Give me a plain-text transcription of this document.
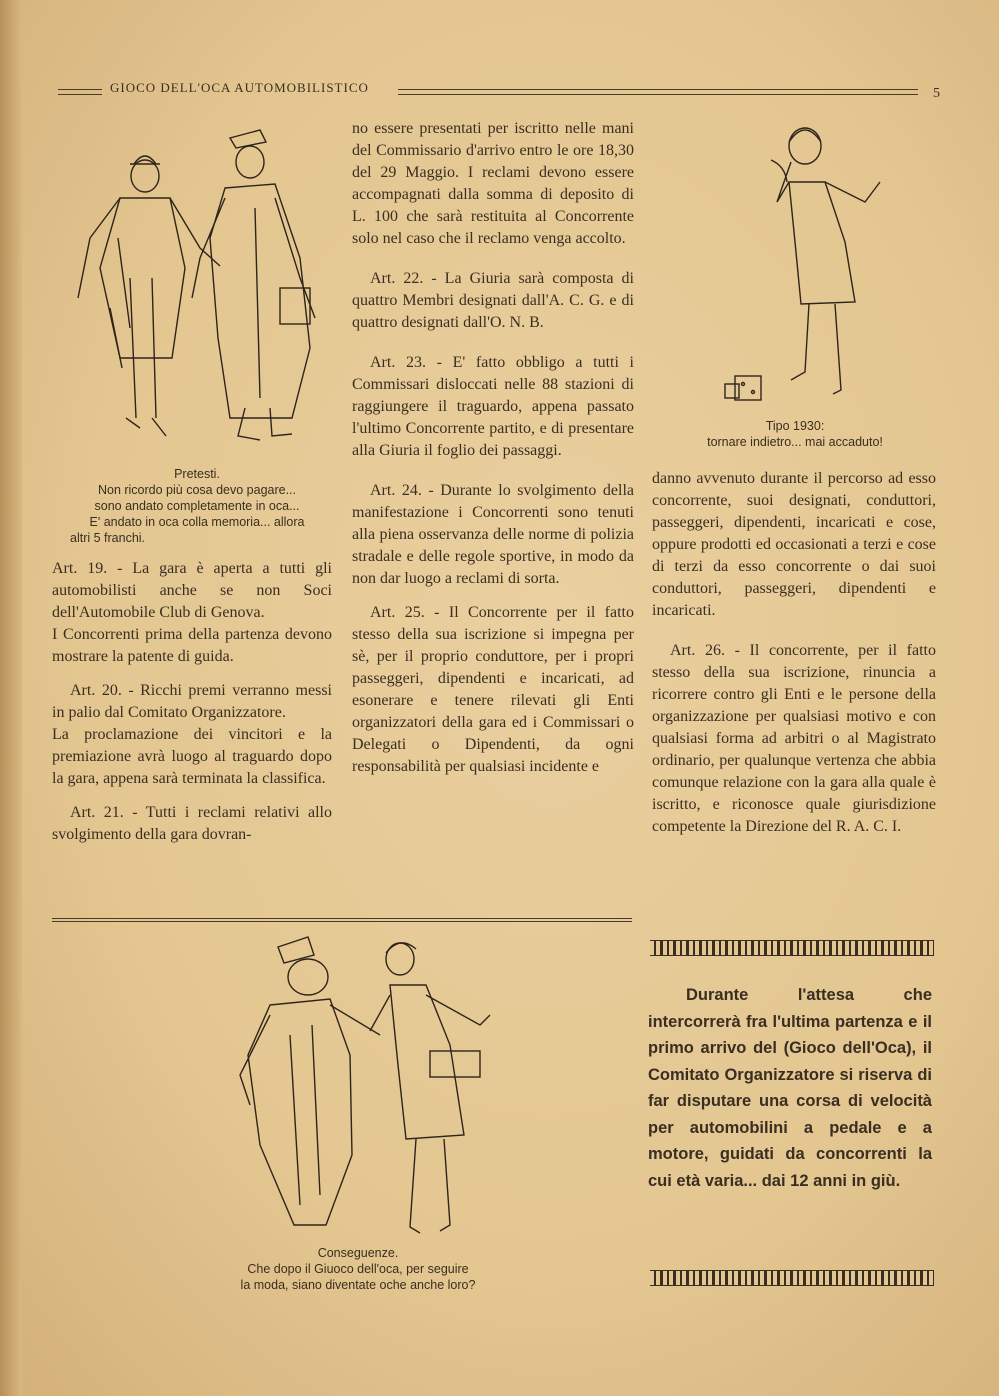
GIOCO DELL'OCA AUTOMOBILISTICO	5
Pretesti.
Non ricordo più cosa devo pagare...
sono andato completamente in oca...
E' andato in oca colla memoria... allora
altri 5 franchi.

Art. 19. - La gara è aperta a tutti gli automobilisti anche se non Soci dell'Automobile Club di Genova.

I Concorrenti prima della partenza devono mostrare la patente di guida.

Art. 20. - Ricchi premi verranno messi in palio dal Comitato Organizzatore.

La proclamazione dei vincitori e la premiazione avrà luogo al traguardo dopo la gara, appena sarà terminata la classifica.

Art. 21. - Tutti i reclami relativi allo svolgimento della gara dovran-

no essere presentati per iscritto nelle mani del Commissario d'arrivo entro le ore 18,30 del 29 Maggio. I reclami devono essere accompagnati dalla somma di deposito di L. 100 che sarà restituita al Concorrente solo nel caso che il reclamo venga accolto.

Art. 22. - La Giuria sarà composta di quattro Membri designati dall'A. C. G. e di quattro designati dall'O. N. B.

Art. 23. - E' fatto obbligo a tutti i Commissari disloccati nelle 88 stazioni di raggiungere il traguardo, appena passato l'ultimo Concorrente partito, e di presentare alla Giuria il foglio dei passaggi.

Art. 24. - Durante lo svolgimento della manifestazione i Concorrenti sono tenuti alla piena osservanza delle norme di polizia stradale e delle regole sportive, in modo da non dar luogo a reclami di sorta.

Art. 25. - Il Concorrente per il fatto stesso della sua iscrizione si impegna per sè, per il proprio conduttore, per i propri passeggeri, dipendenti e incaricati, ad esonerare e tenere rilevati gli Enti organizzatori della gara ed i Commissari o Delegati o Dipendenti, da ogni responsabilità per qualsiasi incidente e

Tipo 1930:
tornare indietro... mai accaduto!

danno avvenuto durante il percorso ad esso concorrente, suoi designati, conduttori, passeggeri, dipendenti, incaricati e cose, oppure prodotti ed occasionati a terzi e cose di terzi da esso concorrente o dai suoi conduttori, passeggeri, dipendenti e incaricati.

Art. 26. - Il concorrente, per il fatto stesso della sua iscrizione, rinuncia a ricorrere contro gli Enti e le persone della organizzazione per qualsiasi motivo e con qualsiasi forma ad arbitri o al Magistrato ordinario, per qualunque vertenza che abbia comunque relazione con la gara alla quale è iscritto, e riconosce quale giurisdizione competente la Direzione del R. A. C. I.

Conseguenze.
Che dopo il Giuoco dell'oca, per seguire
la moda, siano diventate oche anche loro?
Durante l'attesa che intercorrerà fra l'ultima partenza e il primo arrivo del (Gioco dell'Oca), il Comitato Organizzatore si riserva di far disputare una corsa di velocità per automobilini a pedale e a motore, guidati da concorrenti la cui età varia... dai 12 anni in giù.
